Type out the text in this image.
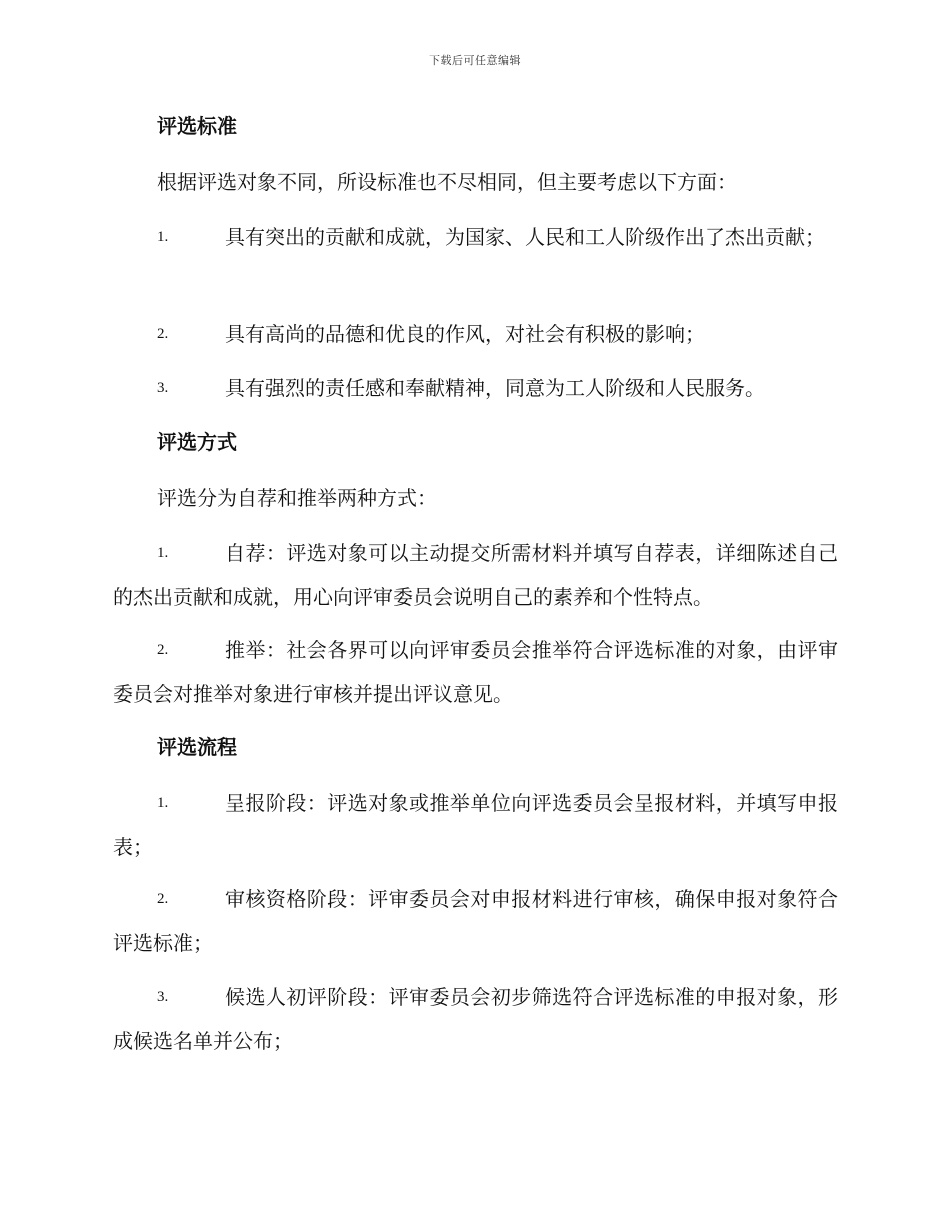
下载后可任意编辑
评选标准
根据评选对象不同，所设标准也不尽相同，但主要考虑以下方面：
1.	具有突出的贡献和成就，为国家、人民和工人阶级作出了杰出贡献；
2.	具有高尚的品德和优良的作风，对社会有积极的影响；
3.	具有强烈的责任感和奉献精神，同意为工人阶级和人民服务。
评选方式
评选分为自荐和推举两种方式：
1.	自荐：评选对象可以主动提交所需材料并填写自荐表，详细陈述自己的杰出贡献和成就，用心向评审委员会说明自己的素养和个性特点。
2.	推举：社会各界可以向评审委员会推举符合评选标准的对象，由评审委员会对推举对象进行审核并提出评议意见。
评选流程
1.	呈报阶段：评选对象或推举单位向评选委员会呈报材料，并填写申报表；
2.	审核资格阶段：评审委员会对申报材料进行审核，确保申报对象符合评选标准；
3.	候选人初评阶段：评审委员会初步筛选符合评选标准的申报对象，形成候选名单并公布；
